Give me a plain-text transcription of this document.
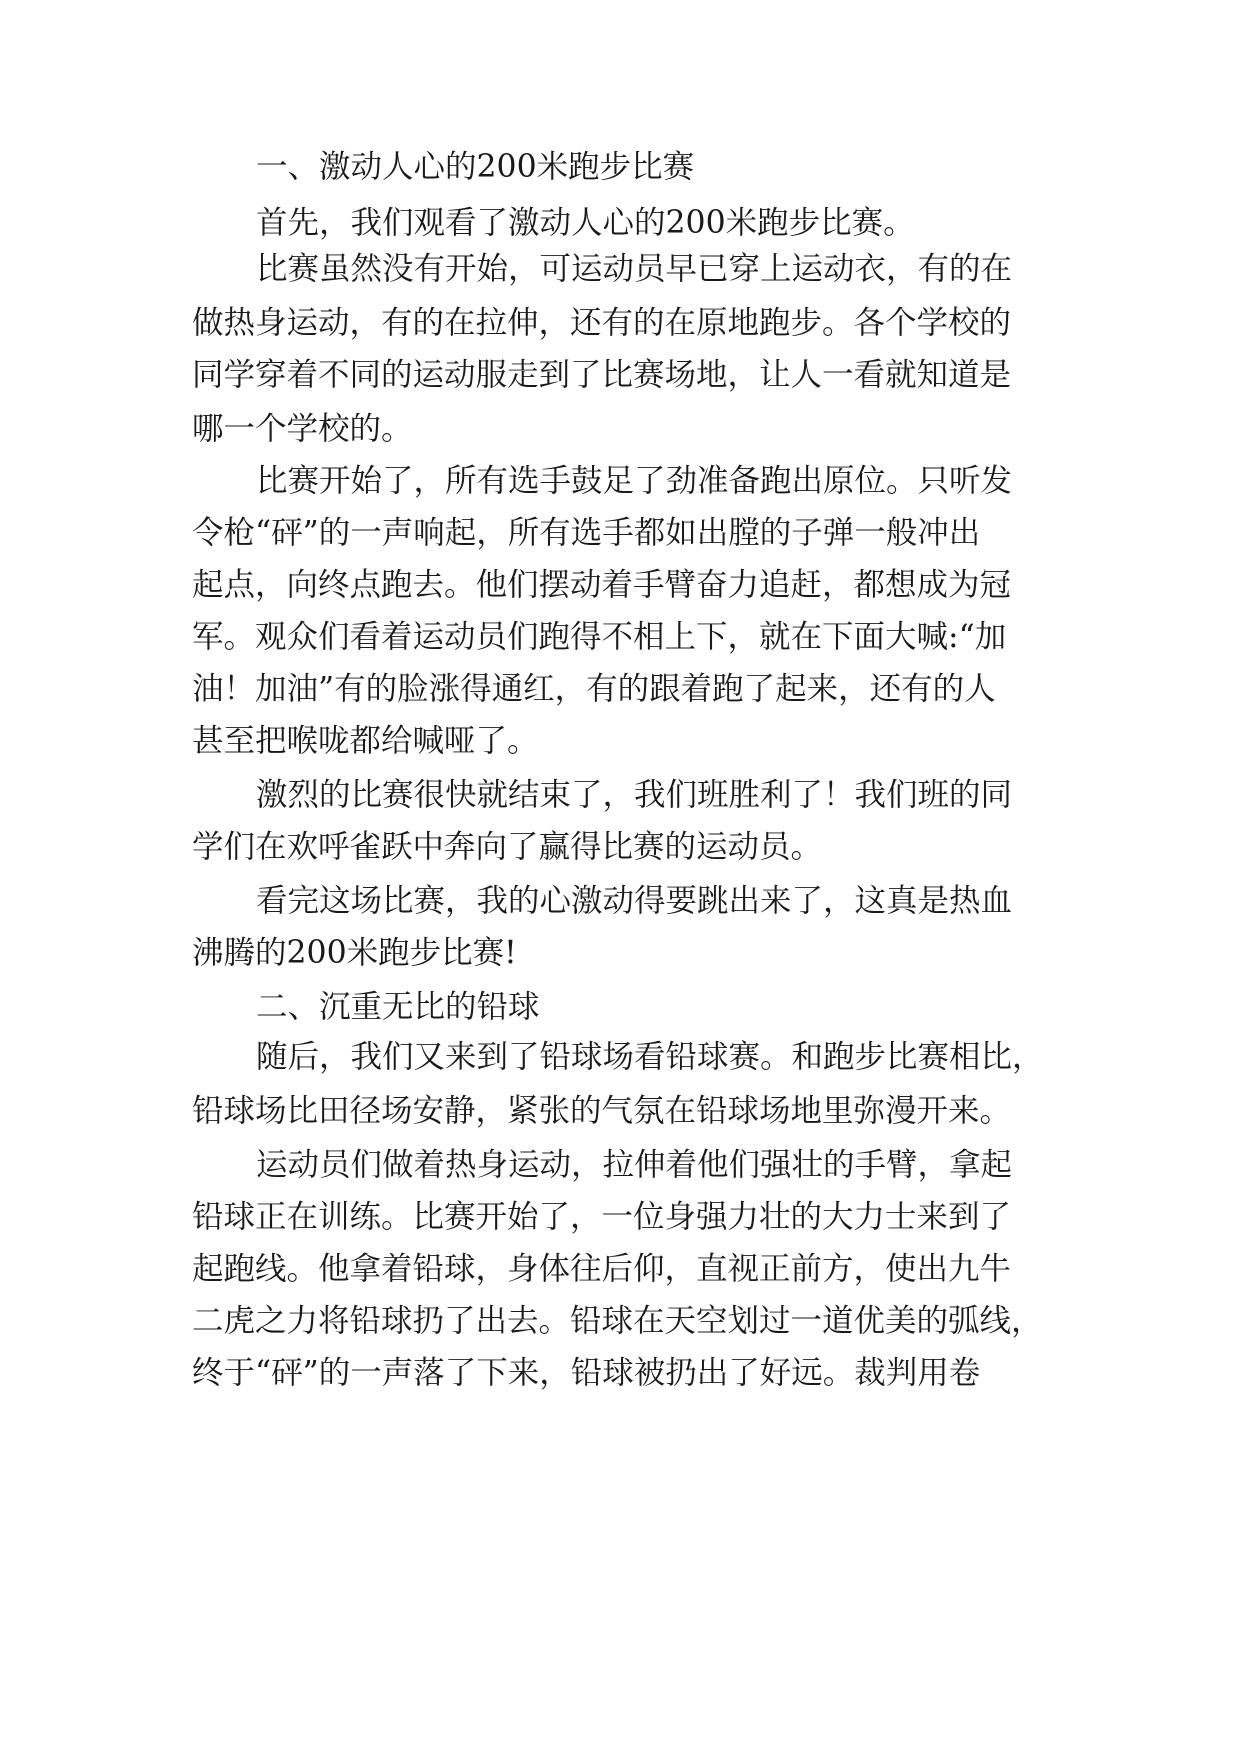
一、激动人心的200米跑步比赛
首先，我们观看了激动人心的200米跑步比赛。
比赛虽然没有开始，可运动员早已穿上运动衣，有的在
做热身运动，有的在拉伸，还有的在原地跑步。各个学校的
同学穿着不同的运动服走到了比赛场地，让人一看就知道是
哪一个学校的。
比赛开始了，所有选手鼓足了劲准备跑出原位。只听发
令枪“砰”的一声响起，所有选手都如出膛的子弹一般冲出
起点，向终点跑去。他们摆动着手臂奋力追赶，都想成为冠
军。观众们看着运动员们跑得不相上下，就在下面大喊:“加
油！加油”有的脸涨得通红，有的跟着跑了起来，还有的人
甚至把喉咙都给喊哑了。
激烈的比赛很快就结束了，我们班胜利了！我们班的同
学们在欢呼雀跃中奔向了赢得比赛的运动员。
看完这场比赛，我的心激动得要跳出来了，这真是热血
沸腾的200米跑步比赛!
二、沉重无比的铅球
随后，我们又来到了铅球场看铅球赛。和跑步比赛相比，
铅球场比田径场安静，紧张的气氛在铅球场地里弥漫开来。
运动员们做着热身运动，拉伸着他们强壮的手臂，拿起
铅球正在训练。比赛开始了，一位身强力壮的大力士来到了
起跑线。他拿着铅球，身体往后仰，直视正前方，使出九牛
二虎之力将铅球扔了出去。铅球在天空划过一道优美的弧线，
终于“砰”的一声落了下来，铅球被扔出了好远。裁判用卷
